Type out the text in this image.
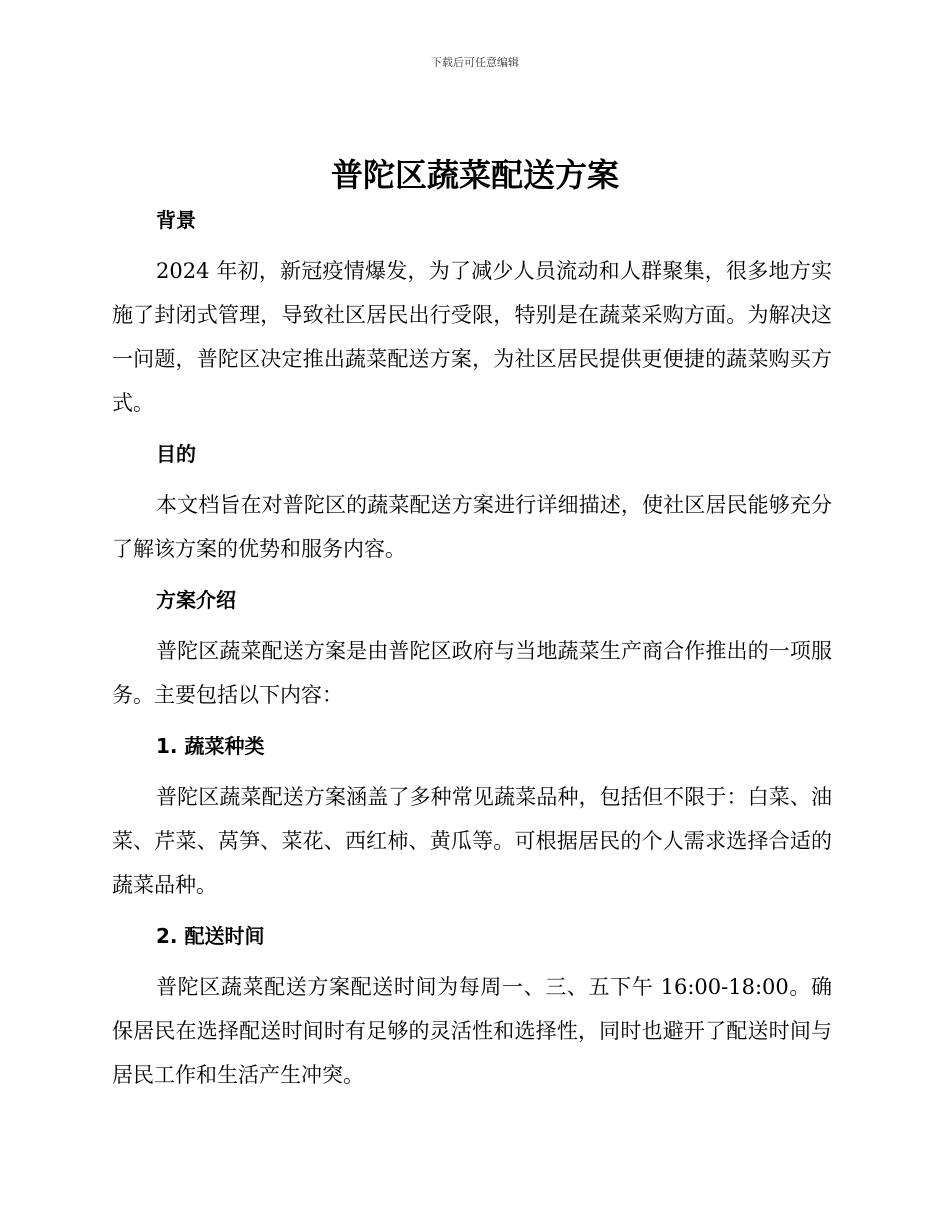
下载后可任意编辑
普陀区蔬菜配送方案
背景

2024 年初，新冠疫情爆发，为了减少人员流动和人群聚集，很多地方实施了封闭式管理，导致社区居民出行受限，特别是在蔬菜采购方面。为解决这一问题，普陀区决定推出蔬菜配送方案，为社区居民提供更便捷的蔬菜购买方式。

目的

本文档旨在对普陀区的蔬菜配送方案进行详细描述，使社区居民能够充分了解该方案的优势和服务内容。

方案介绍

普陀区蔬菜配送方案是由普陀区政府与当地蔬菜生产商合作推出的一项服务。主要包括以下内容：

1. 蔬菜种类

普陀区蔬菜配送方案涵盖了多种常见蔬菜品种，包括但不限于：白菜、油菜、芹菜、莴笋、菜花、西红柿、黄瓜等。可根据居民的个人需求选择合适的蔬菜品种。

2. 配送时间

普陀区蔬菜配送方案配送时间为每周一、三、五下午 16:00-18:00。确保居民在选择配送时间时有足够的灵活性和选择性，同时也避开了配送时间与居民工作和生活产生冲突。
